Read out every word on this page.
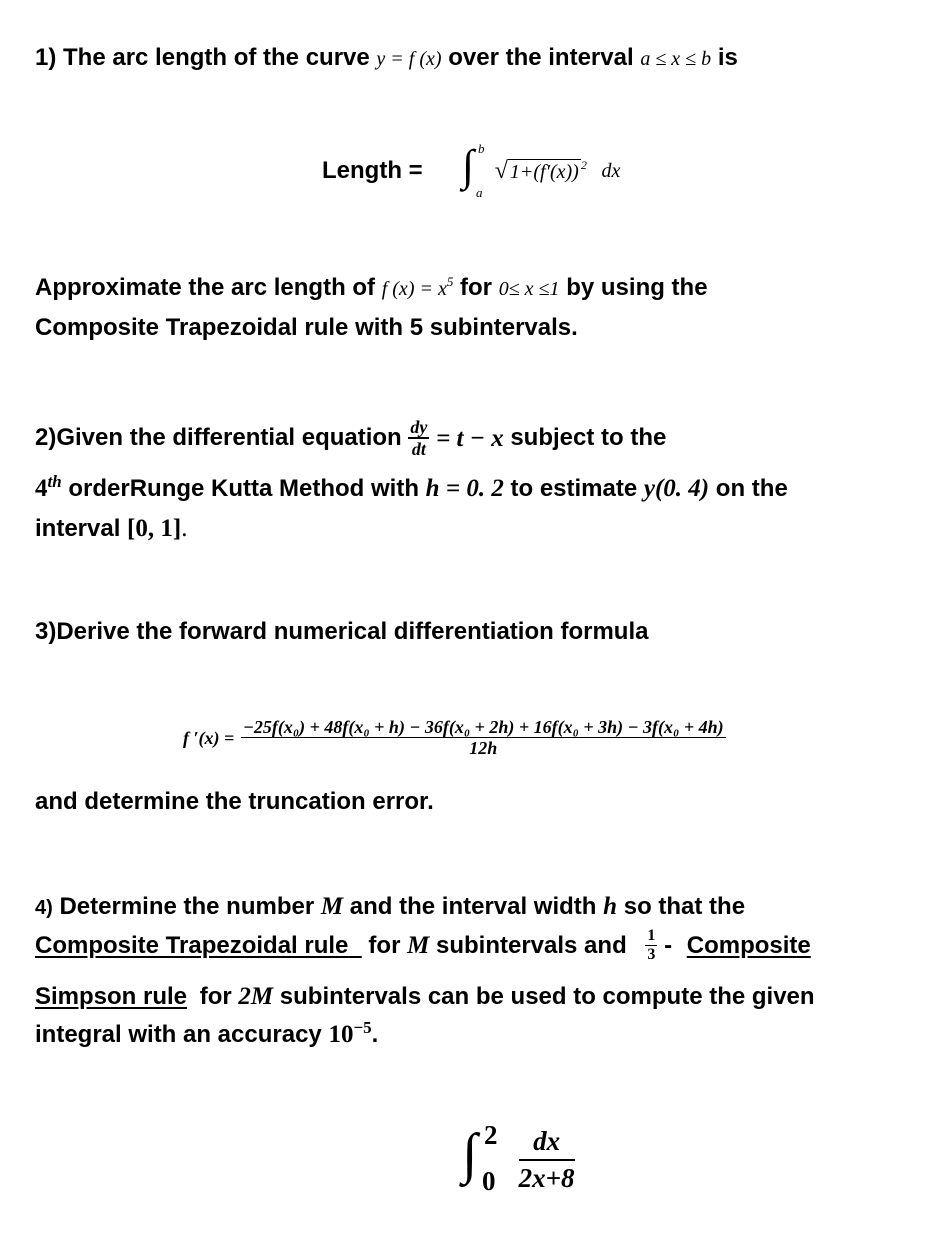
1) The arc length of the curve y = f (x) over the interval a ≤ x ≤ b is
Length = ∫ b
a
√ 1+(f′(x)) $^2$ dx
Approximate the arc length of f $(x) = x^5$ for 0≤ x ≤1 by using the
Composite Trapezoidal rule with 5 subintervals.
2)Given the differential equation $\frac{dy}{dt} = t - x$ subject to the
4th orderRunge Kutta Method with h = 0. 2 to estimate y(0. 4) on the
interval [0, 1].
3)Derive the forward numerical differentiation formula
f ′(x) =
−25f(x₀) + 48f(x₀ + h) − 36f(x₀ + 2h) + 16f(x₀ + 3h) − 3f(x₀ + 4h)
12h
and determine the truncation error.
4) Determine the number M and the interval width h so that the
Composite Trapezoidal rule for M subintervals and $\frac{1}{3}$ - Composite
Simpson rule for 2M subintervals can be used to compute the given
integral with an accuracy $10^{-5}$.
∫ 2
0
$\frac{dx}{2x+8}$
